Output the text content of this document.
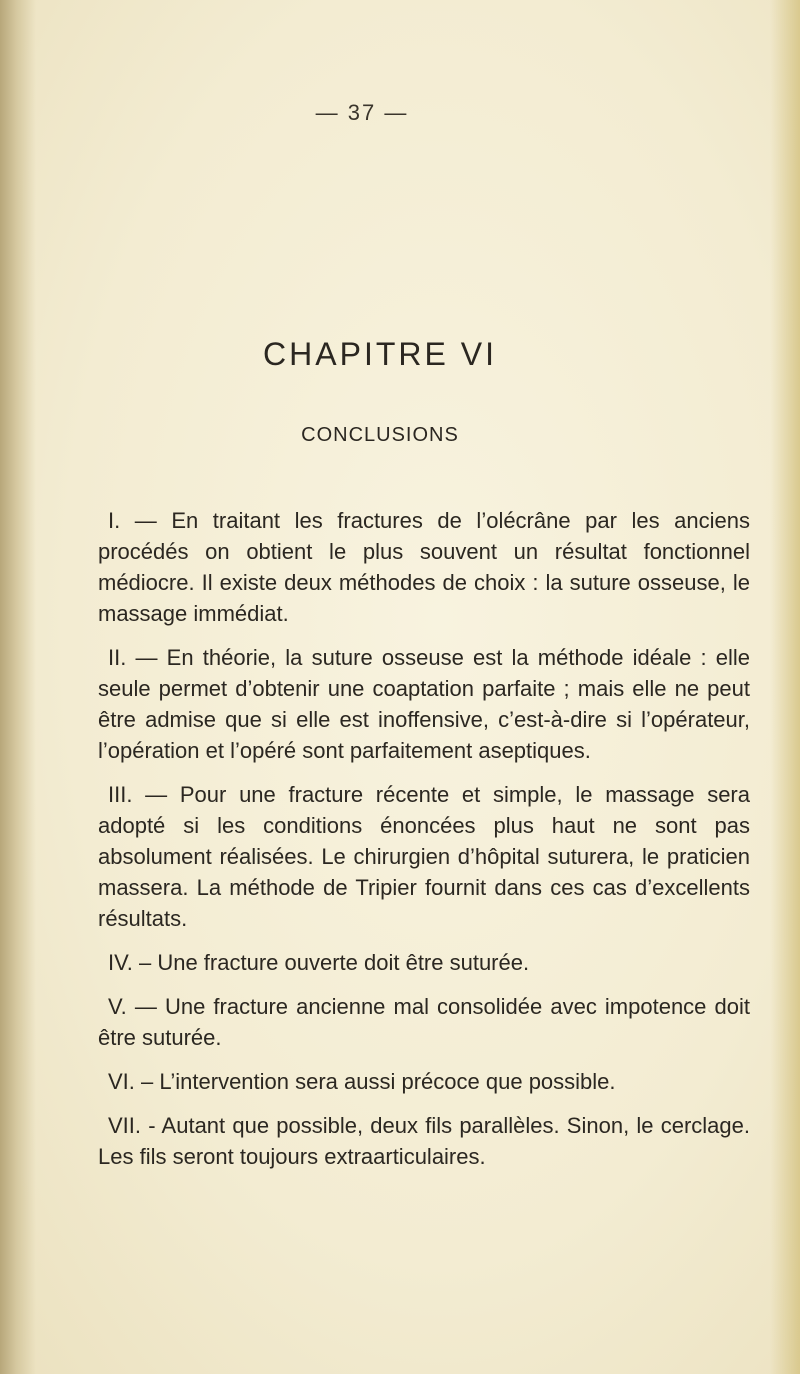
— 37 —
CHAPITRE VI
CONCLUSIONS

I. — En traitant les fractures de l’olécrâne par les anciens procédés on obtient le plus souvent un résultat fonctionnel médiocre. Il existe deux méthodes de choix : la suture osseuse, le massage immédiat.

II. — En théorie, la suture osseuse est la méthode idéale : elle seule permet d’obtenir une coaptation parfaite ; mais elle ne peut être admise que si elle est inoffensive, c’est-à-dire si l’opérateur, l’opération et l’opéré sont parfaitement aseptiques.

III. — Pour une fracture récente et simple, le massage sera adopté si les conditions énoncées plus haut ne sont pas absolument réalisées. Le chirurgien d’hôpital suturera, le praticien massera. La méthode de Tripier fournit dans ces cas d’excellents résultats.

IV. – Une fracture ouverte doit être suturée.

V. — Une fracture ancienne mal consolidée avec impotence doit être suturée.

VI. – L’intervention sera aussi précoce que possible.

VII. - Autant que possible, deux fils parallèles. Sinon, le cerclage. Les fils seront toujours extraarticulaires.
